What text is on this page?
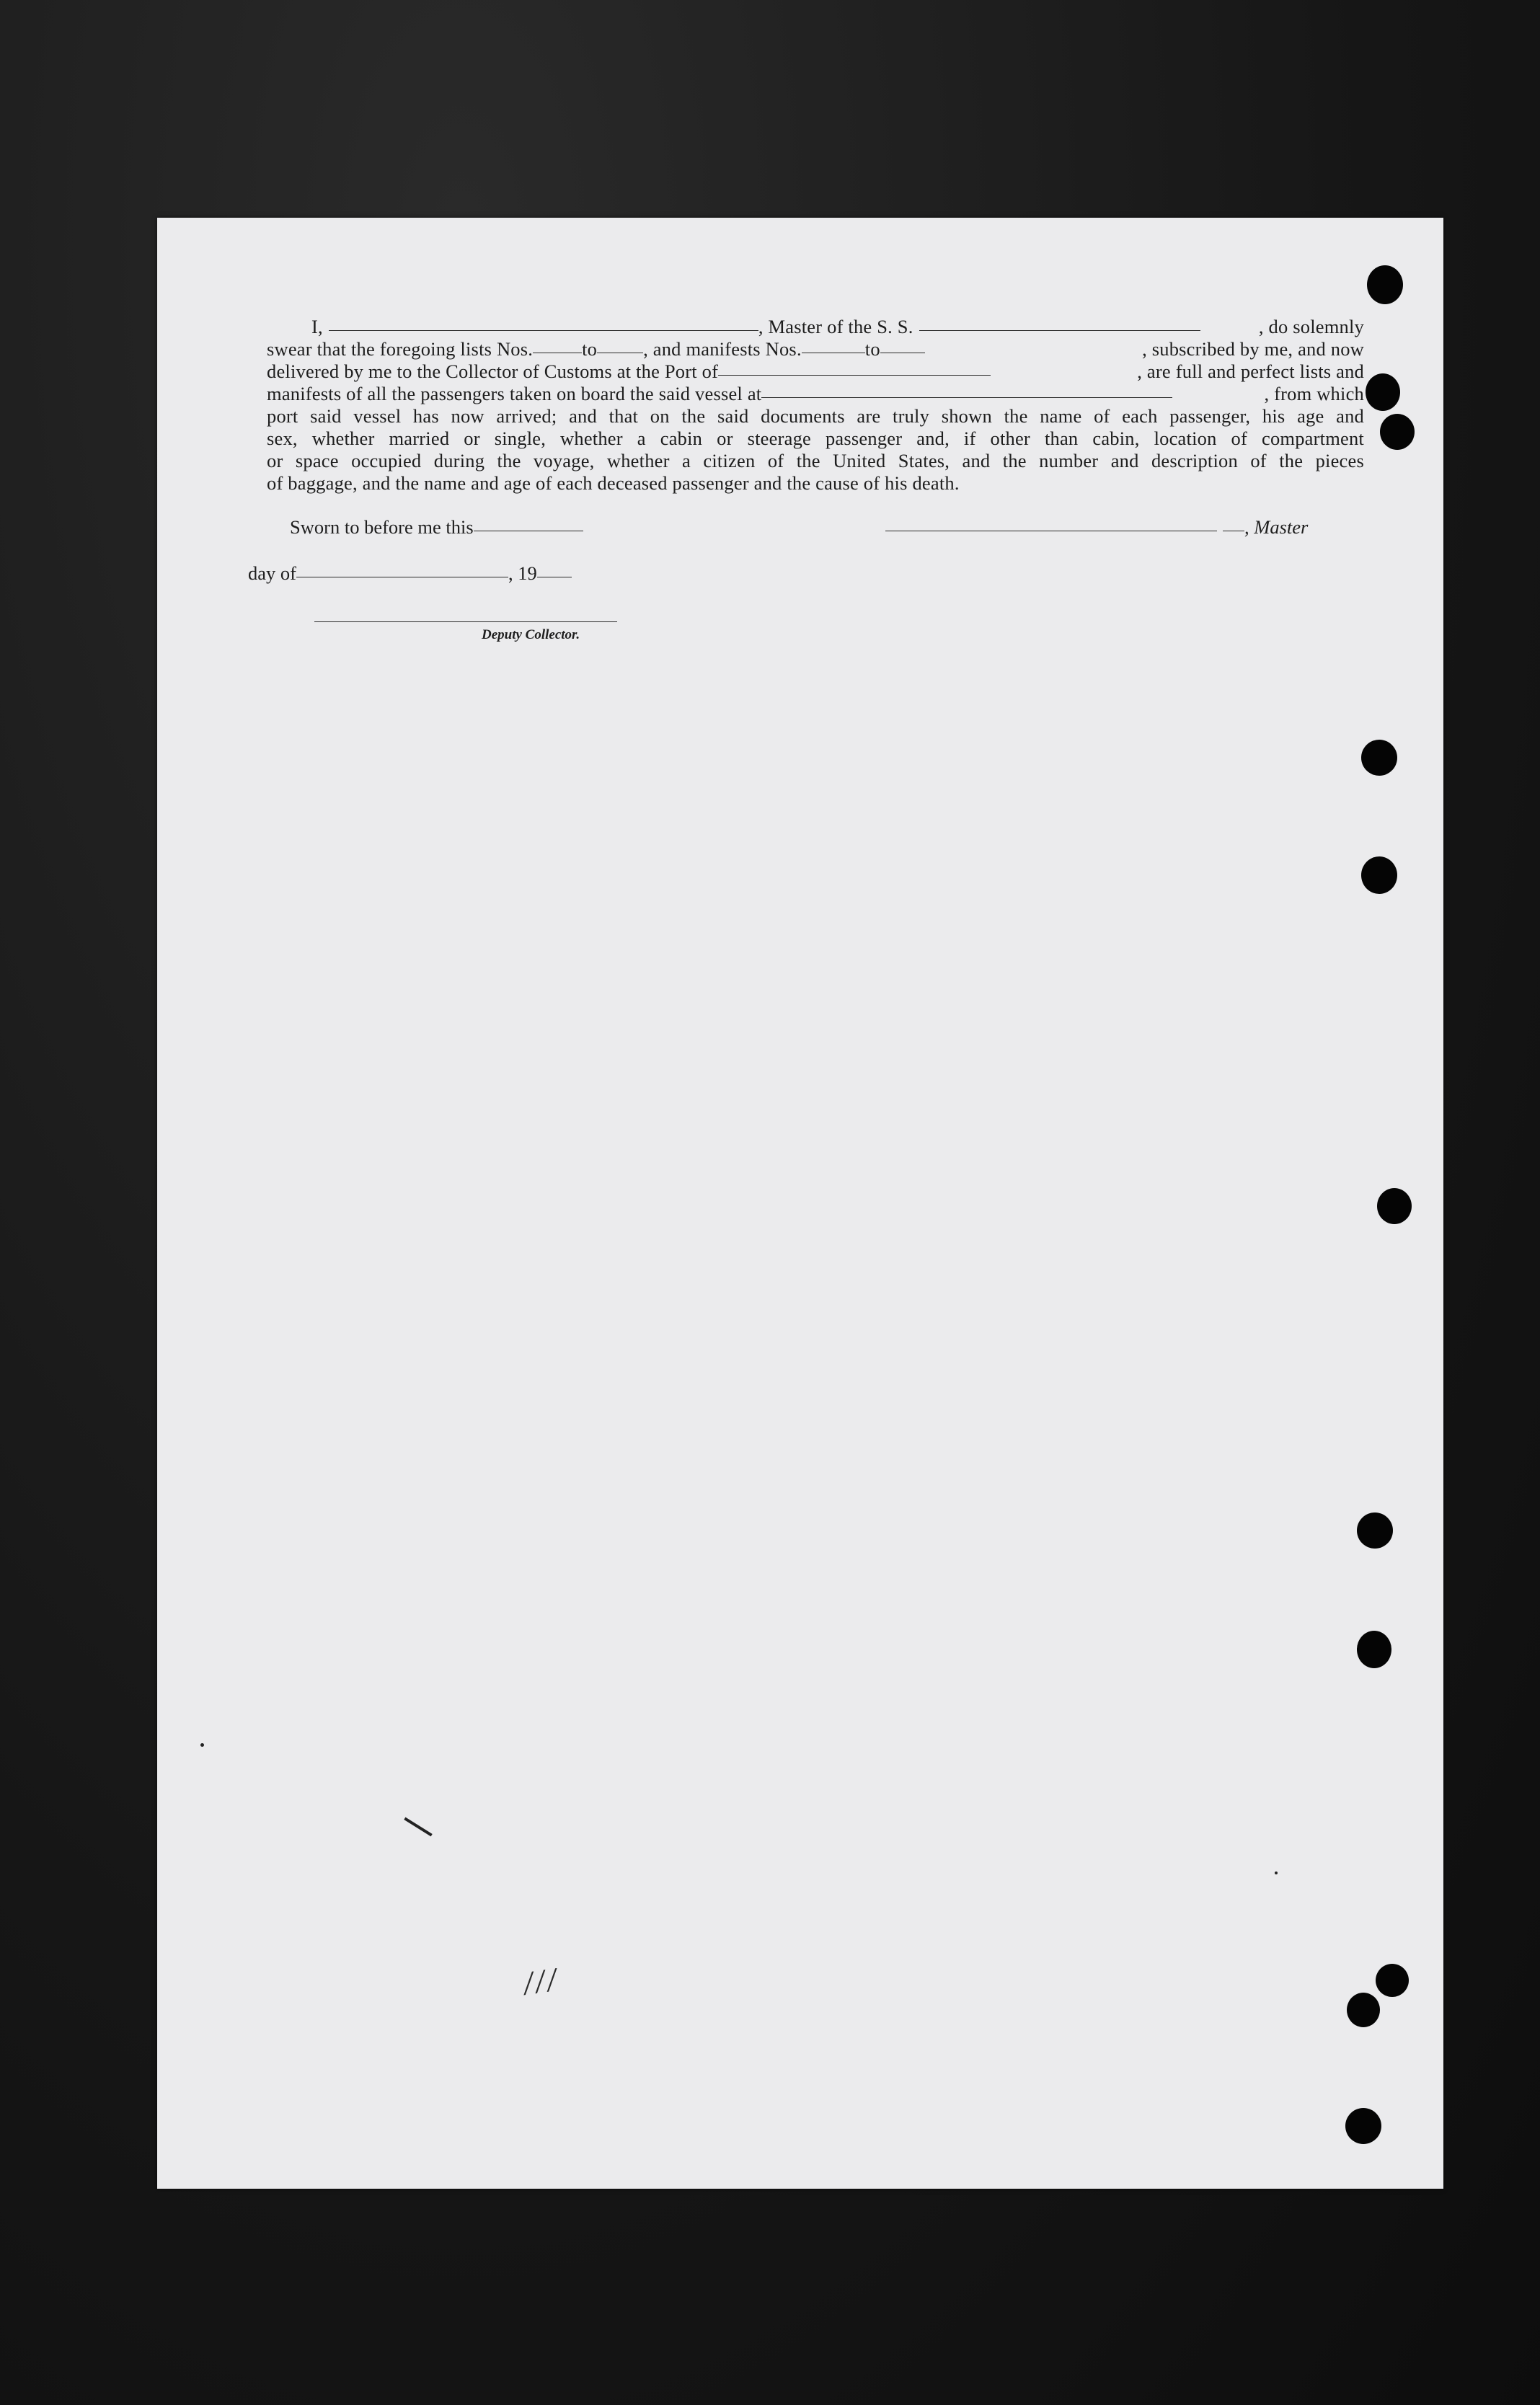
I,	, Master of the S. S.	, do solemnly
swear that the foregoing lists Nos.	to , and manifests Nos.	to	, subscribed by me, and now
delivered by me to the Collector of Customs at the Port of	, are full and perfect lists and
manifests of all the passengers taken on board the said vessel at	, from which
port said vessel has now arrived; and that on the said documents are truly shown the name of each passenger, his age and
sex, whether married or single, whether a cabin or steerage passenger and, if other than cabin, location of compartment
or space occupied during the voyage, whether a citizen of the United States, and the number and description of the pieces
of baggage, and the name and age of each deceased passenger and the cause of his death.
Sworn to before me this	, Master
day of	, 19
Deputy Collector.
/ / /
